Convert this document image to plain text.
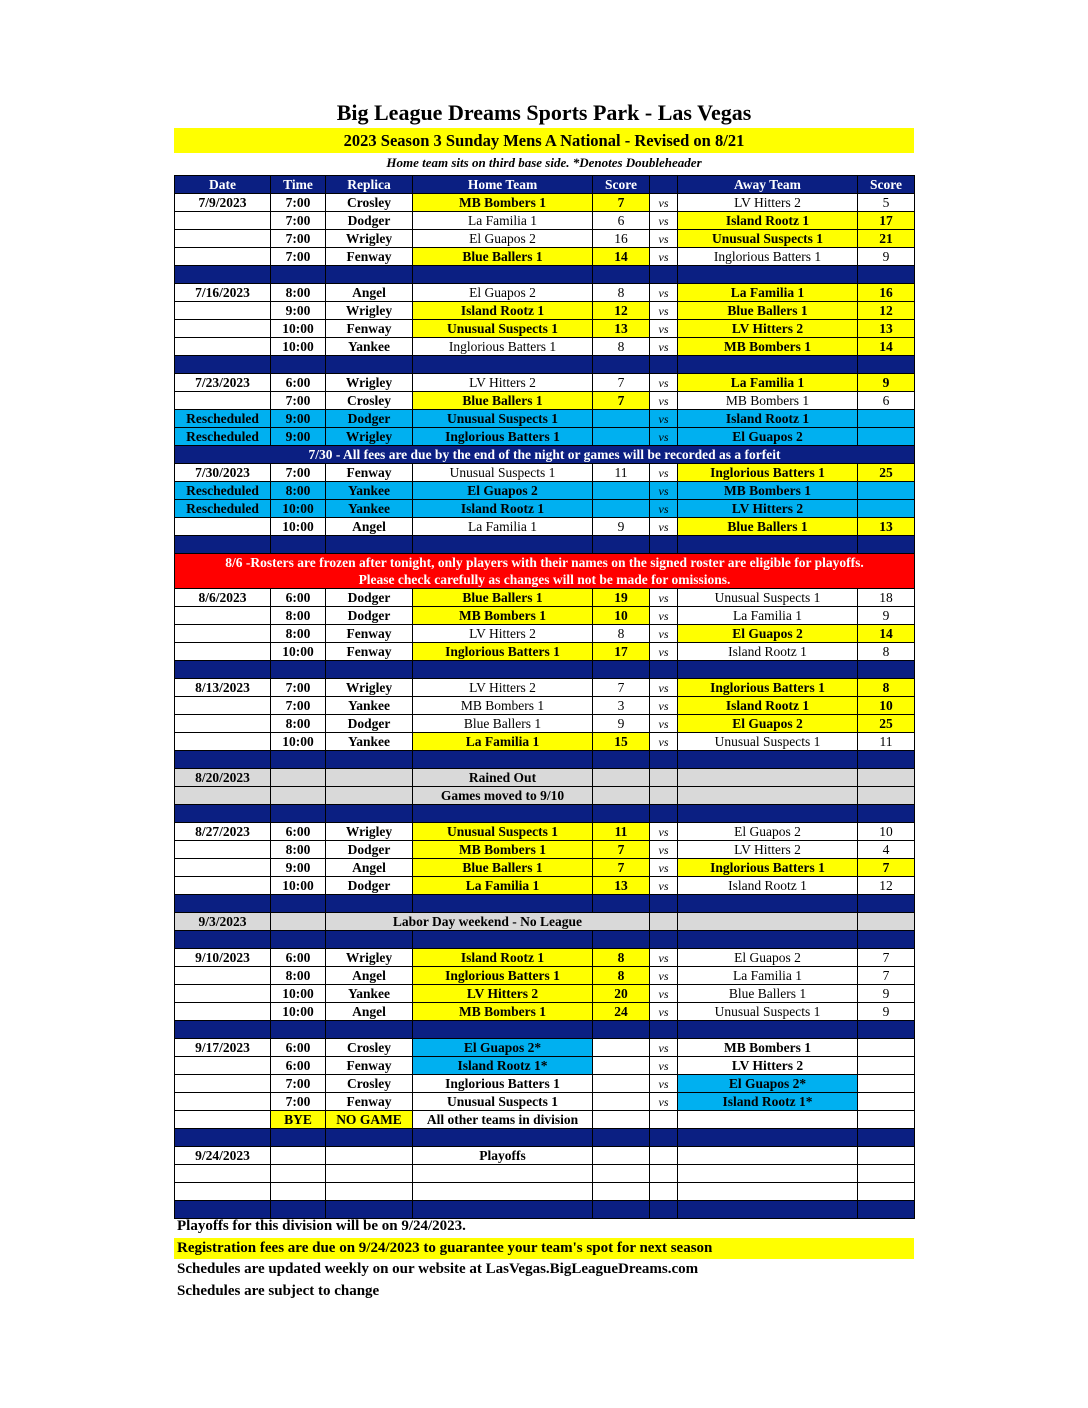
Big League Dreams Sports Park - Las Vegas
2023 Season 3 Sunday Mens A National - Revised on 8/21
Home team sits on third base side. *Denotes Doubleheader
Date	Time	Replica	Home Team	Score		Away Team	Score
7/9/2023	7:00	Crosley	MB Bombers 1	7	vs	LV Hitters 2	5
	7:00	Dodger	La Familia 1	6	vs	Island Rootz 1	17
	7:00	Wrigley	El Guapos 2	16	vs	Unusual Suspects 1	21
	7:00	Fenway	Blue Ballers 1	14	vs	Inglorious Batters 1	9

7/16/2023	8:00	Angel	El Guapos 2	8	vs	La Familia 1	16
	9:00	Wrigley	Island Rootz 1	12	vs	Blue Ballers 1	12
	10:00	Fenway	Unusual Suspects 1	13	vs	LV Hitters 2	13
	10:00	Yankee	Inglorious Batters 1	8	vs	MB Bombers 1	14

7/23/2023	6:00	Wrigley	LV Hitters 2	7	vs	La Familia 1	9
	7:00	Crosley	Blue Ballers 1	7	vs	MB Bombers 1	6
Rescheduled	9:00	Dodger	Unusual Suspects 1		vs	Island Rootz 1	
Rescheduled	9:00	Wrigley	Inglorious Batters 1		vs	El Guapos 2	
7/30 - All fees are due by the end of the night or games will be recorded as a forfeit							
7/30/2023	7:00	Fenway	Unusual Suspects 1	11	vs	Inglorious Batters 1	25
Rescheduled	8:00	Yankee	El Guapos 2		vs	MB Bombers 1	
Rescheduled	10:00	Yankee	Island Rootz 1		vs	LV Hitters 2	
	10:00	Angel	La Familia 1	9	vs	Blue Ballers 1	13

8/6 -Rosters are frozen after tonight, only players with their names on the signed roster are eligible for playoffs.
Please check carefully as changes will not be made for omissions.							

8/6/2023	6:00	Dodger	Blue Ballers 1	19	vs	Unusual Suspects 1	18
	8:00	Dodger	MB Bombers 1	10	vs	La Familia 1	9
	8:00	Fenway	LV Hitters 2	8	vs	El Guapos 2	14
	10:00	Fenway	Inglorious Batters 1	17	vs	Island Rootz 1	8

8/13/2023	7:00	Wrigley	LV Hitters 2	7	vs	Inglorious Batters 1	8
	7:00	Yankee	MB Bombers 1	3	vs	Island Rootz 1	10
	8:00	Dodger	Blue Ballers 1	9	vs	El Guapos 2	25
	10:00	Yankee	La Familia 1	15	vs	Unusual Suspects 1	11

8/20/2023			Rained Out				
			Games moved to 9/10				

8/27/2023	6:00	Wrigley	Unusual Suspects 1	11	vs	El Guapos 2	10
	8:00	Dodger	MB Bombers 1	7	vs	LV Hitters 2	4
	9:00	Angel	Blue Ballers 1	7	vs	Inglorious Batters 1	7
	10:00	Dodger	La Familia 1	13	vs	Island Rootz 1	12

9/3/2023		Labor Day weekend - No League					

9/10/2023	6:00	Wrigley	Island Rootz 1	8	vs	El Guapos 2	7
	8:00	Angel	Inglorious Batters 1	8	vs	La Familia 1	7
	10:00	Yankee	LV Hitters 2	20	vs	Blue Ballers 1	9
	10:00	Angel	MB Bombers 1	24	vs	Unusual Suspects 1	9

9/17/2023	6:00	Crosley	El Guapos 2*		vs	MB Bombers 1	
	6:00	Fenway	Island Rootz 1*		vs	LV Hitters 2	
	7:00	Crosley	Inglorious Batters 1		vs	El Guapos 2*	
	7:00	Fenway	Unusual Suspects 1		vs	Island Rootz 1*	
	BYE	NO GAME	All other teams in division				

9/24/2023			Playoffs				

Playoffs for this division will be on 9/24/2023.
Registration fees are due on 9/24/2023 to guarantee your team's spot for next season
Schedules are updated weekly on our website at LasVegas.BigLeagueDreams.com
Schedules are subject to change
